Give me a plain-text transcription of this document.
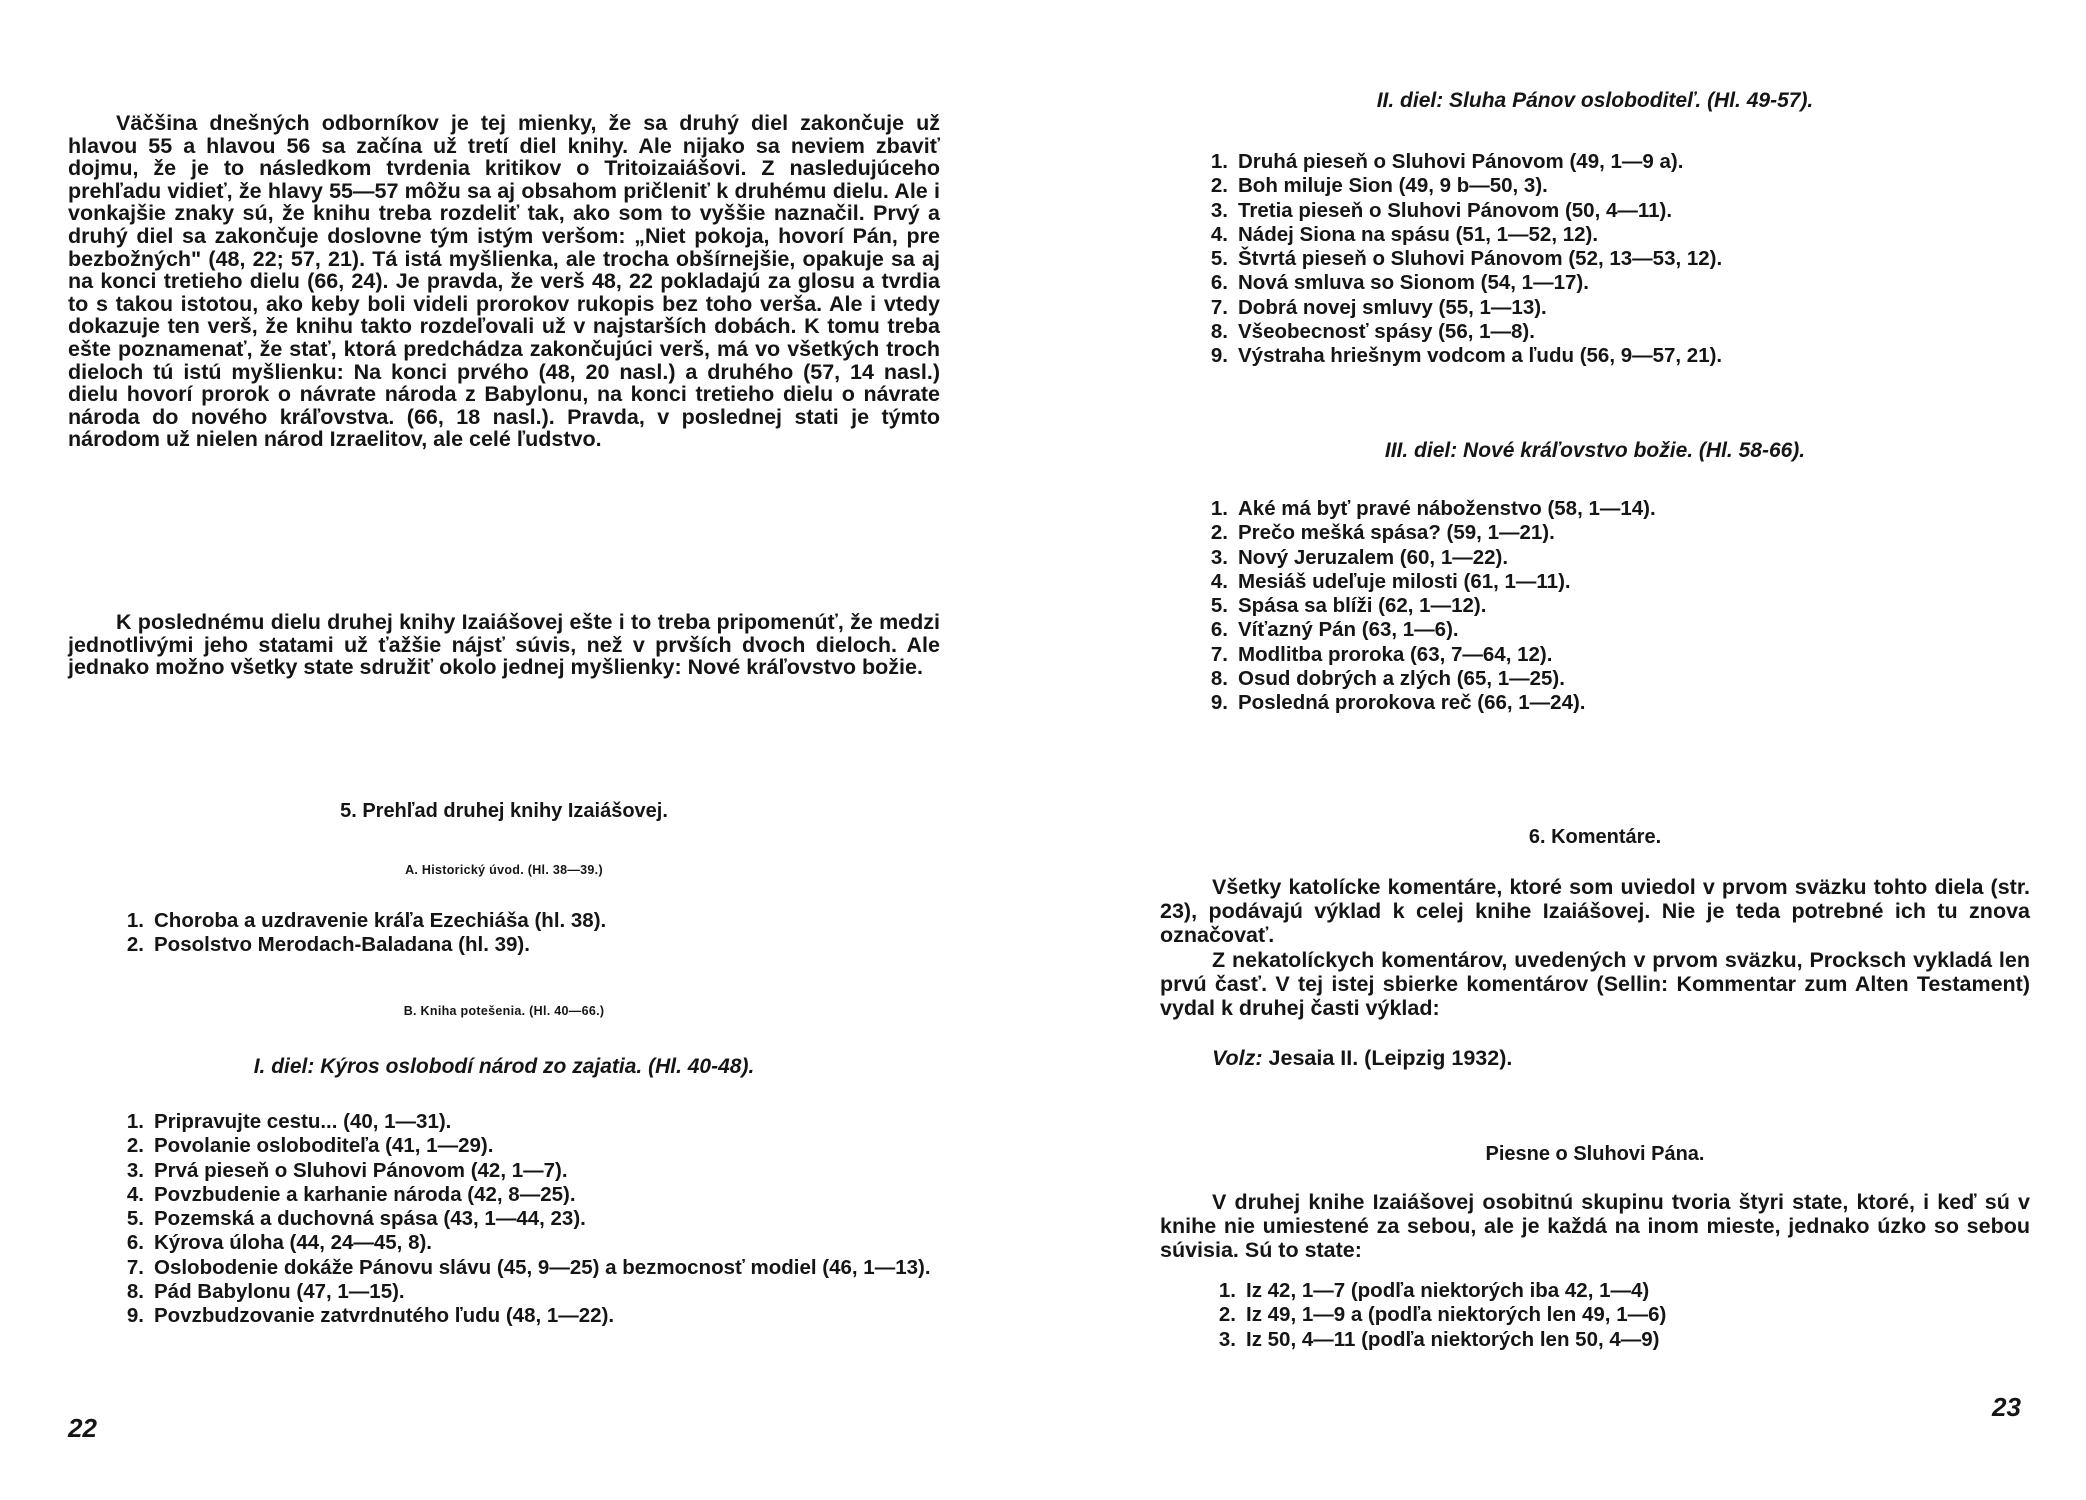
Väčšina dnešných odborníkov je tej mienky, že sa druhý diel zakončuje už hlavou 55 a hlavou 56 sa začína už tretí diel knihy. Ale nijako sa neviem zbaviť dojmu, že je to následkom tvrdenia kritikov o Tritoizaiášovi. Z nasledujúceho prehľadu vidieť, že hlavy 55—57 môžu sa aj obsahom pričleniť k druhému dielu. Ale i vonkajšie znaky sú, že knihu treba rozdeliť tak, ako som to vyššie naznačil. Prvý a druhý diel sa zakončuje doslovne tým istým veršom: „Niet pokoja, hovorí Pán, pre bezbožných" (48, 22; 57, 21). Tá istá myšlienka, ale trocha obšírnejšie, opakuje sa aj na konci tretieho dielu (66, 24). Je pravda, že verš 48, 22 pokladajú za glosu a tvrdia to s takou istotou, ako keby boli videli prorokov rukopis bez toho verša. Ale i vtedy dokazuje ten verš, že knihu takto rozdeľovali už v najstarších dobách. K tomu treba ešte poznamenať, že stať, ktorá predchádza zakončujúci verš, má vo všetkých troch dieloch tú istú myšlienku: Na konci prvého (48, 20 nasl.) a druhého (57, 14 nasl.) dielu hovorí prorok o návrate národa z Babylonu, na konci tretieho dielu o návrate národa do nového kráľovstva. (66, 18 nasl.). Pravda, v poslednej stati je týmto národom už nielen národ Izraelitov, ale celé ľudstvo.

K poslednému dielu druhej knihy Izaiášovej ešte i to treba pripomenúť, že medzi jednotlivými jeho statami už ťažšie nájsť súvis, než v prvších dvoch dieloch. Ale jednako možno všetky state sdružiť okolo jednej myšlienky: Nové kráľovstvo božie.

5. Prehľad druhej knihy Izaiášovej.
A. Historický úvod. (Hl. 38—39.)
1. Choroba a uzdravenie kráľa Ezechiáša (hl. 38).
2. Posolstvo Merodach-Baladana (hl. 39).
B. Kniha potešenia. (Hl. 40—66.)
I. diel: Kýros oslobodí národ zo zajatia. (Hl. 40-48).
1. Pripravujte cestu... (40, 1—31).
2. Povolanie osloboditeľa (41, 1—29).
3. Prvá pieseň o Sluhovi Pánovom (42, 1—7).
4. Povzbudenie a karhanie národa (42, 8—25).
5. Pozemská a duchovná spása (43, 1—44, 23).
6. Kýrova úloha (44, 24—45, 8).
7. Oslobodenie dokáže Pánovu slávu (45, 9—25) a bezmocnosť modiel (46, 1—13).
8. Pád Babylonu (47, 1—15).
9. Povzbudzovanie zatvrdnutého ľudu (48, 1—22).
22
II. diel: Sluha Pánov osloboditeľ. (Hl. 49-57).
1. Druhá pieseň o Sluhovi Pánovom (49, 1—9 a).
2. Boh miluje Sion (49, 9 b—50, 3).
3. Tretia pieseň o Sluhovi Pánovom (50, 4—11).
4. Nádej Siona na spásu (51, 1—52, 12).
5. Štvrtá pieseň o Sluhovi Pánovom (52, 13—53, 12).
6. Nová smluva so Sionom (54, 1—17).
7. Dobrá novej smluvy (55, 1—13).
8. Všeobecnosť spásy (56, 1—8).
9. Výstraha hriešnym vodcom a ľudu (56, 9—57, 21).
III. diel: Nové kráľovstvo božie. (Hl. 58-66).
1. Aké má byť pravé náboženstvo (58, 1—14).
2. Prečo mešká spása? (59, 1—21).
3. Nový Jeruzalem (60, 1—22).
4. Mesiáš udeľuje milosti (61, 1—11).
5. Spása sa blíži (62, 1—12).
6. Víťazný Pán (63, 1—6).
7. Modlitba proroka (63, 7—64, 12).
8. Osud dobrých a zlých (65, 1—25).
9. Posledná prorokova reč (66, 1—24).
6. Komentáre.

Všetky katolícke komentáre, ktoré som uviedol v prvom sväzku tohto diela (str. 23), podávajú výklad k celej knihe Izaiášovej. Nie je teda potrebné ich tu znova označovať.

Z nekatolíckych komentárov, uvedených v prvom sväzku, Procksch vykladá len prvú časť. V tej istej sbierke komentárov (Sellin: Kommentar zum Alten Testament) vydal k druhej časti výklad:

Volz: Jesaia II. (Leipzig 1932).

Piesne o Sluhovi Pána.

V druhej knihe Izaiášovej osobitnú skupinu tvoria štyri state, ktoré, i keď sú v knihe nie umiestené za sebou, ale je každá na inom mieste, jednako úzko so sebou súvisia. Sú to state:

1. Iz 42, 1—7 (podľa niektorých iba 42, 1—4)
2. Iz 49, 1—9 a (podľa niektorých len 49, 1—6)
3. Iz 50, 4—11 (podľa niektorých len 50, 4—9)
23
